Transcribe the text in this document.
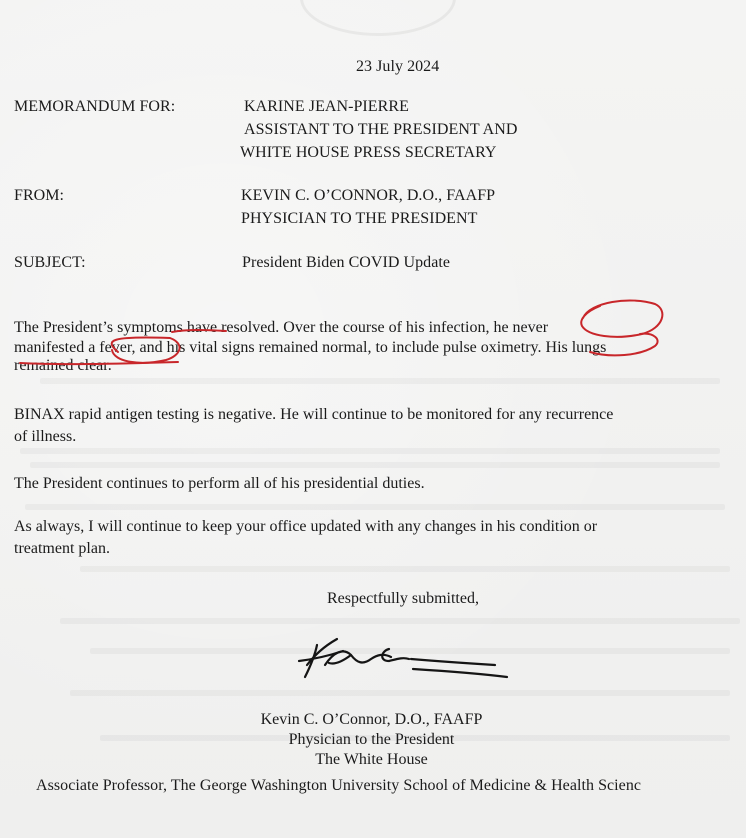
23 July 2024
MEMORANDUM FOR:	KARINE JEAN-PIERRE
ASSISTANT TO THE PRESIDENT AND
WHITE HOUSE PRESS SECRETARY
FROM:	KEVIN C. O’CONNOR, D.O., FAAFP
PHYSICIAN TO THE PRESIDENT
SUBJECT:	President Biden COVID Update
The President’s symptoms have resolved. Over the course of his infection, he never
manifested a fever, and his vital signs remained normal, to include pulse oximetry. His lungs
remained clear.
BINAX rapid antigen testing is negative. He will continue to be monitored for any recurrence
of illness.
The President continues to perform all of his presidential duties.
As always, I will continue to keep your office updated with any changes in his condition or
treatment plan.
Respectfully submitted,
Kevin C. O’Connor, D.O., FAAFP
Physician to the President
The White House
Associate Professor, The George Washington University School of Medicine & Health Scienc
